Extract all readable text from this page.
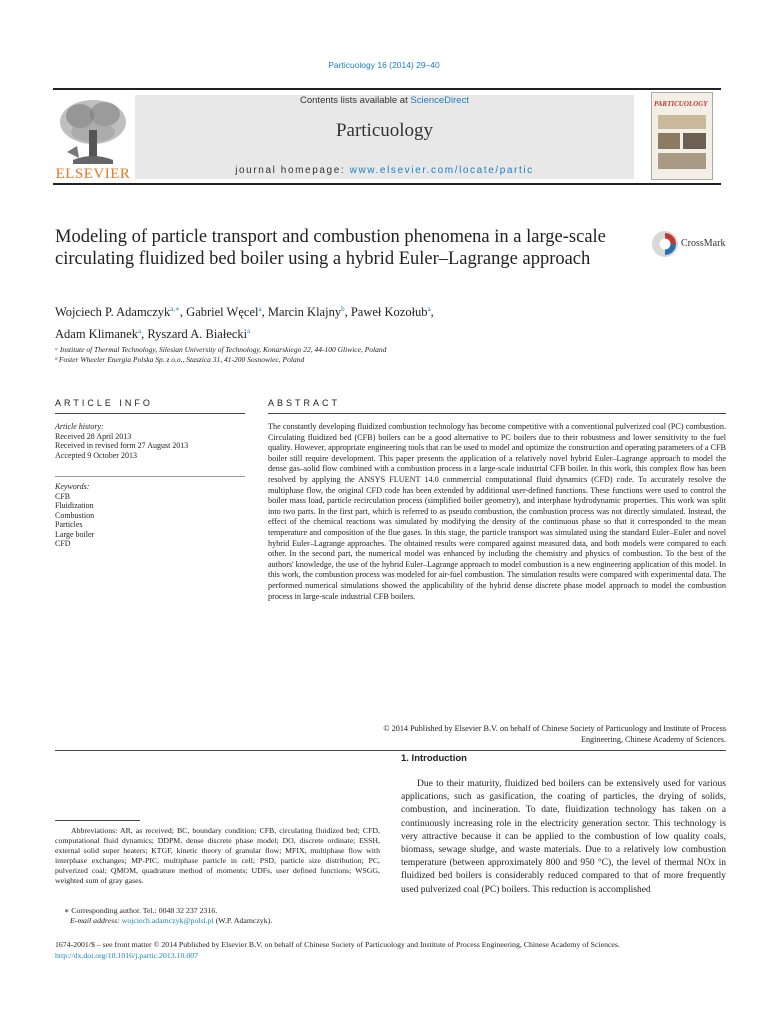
Particuology 16 (2014) 29–40
ELSEVIER
Contents lists available at ScienceDirect
Particuology
journal homepage: www.elsevier.com/locate/partic
PARTICUOLOGY
Modeling of particle transport and combustion phenomena in a large-scale circulating fluidized bed boiler using a hybrid Euler–Lagrange approach
CrossMark
Wojciech P. Adamczyk$^{a,∗}$, Gabriel Węcel$^a$, Marcin Klajny$^b$, Paweł Kozołub$^a$,
Adam Klimanek$^a$, Ryszard A. Białecki$^a$
ᵃ Institute of Thermal Technology, Silesian University of Technology, Konarskiego 22, 44-100 Gliwice, Poland
ᵇ Foster Wheeler Energia Polska Sp. z o.o., Staszica 31, 41-200 Sosnowiec, Poland
ARTICLE INFO
Article history:
Received 28 April 2013
Received in revised form 27 August 2013
Accepted 9 October 2013
Keywords:
CFB
Fluidization
Combustion
Particles
Large boiler
CFD
ABSTRACT
The constantly developing fluidized combustion technology has become competitive with a conventional pulverized coal (PC) combustion. Circulating fluidized bed (CFB) boilers can be a good alternative to PC boilers due to their robustness and lower sensitivity to the fuel quality. However, appropriate engineering tools that can be used to model and optimize the construction and operating parameters of a CFB boiler still require development. This paper presents the application of a relatively novel hybrid Euler–Lagrange approach to model the dense gas–solid flow combined with a combustion process in a large-scale industrial CFB boiler. In this work, this complex flow has been resolved by applying the ANSYS FLUENT 14.0 commercial computational fluid dynamics (CFD) code. To accurately resolve the multiphase flow, the original CFD code has been extended by additional user-defined functions. These functions were used to control the boiler mass load, particle recirculation process (simplified boiler geometry), and interphase hydrodynamic properties. This work was split into two parts. In the first part, which is referred to as pseudo combustion, the combustion process was not directly simulated. Instead, the effect of the chemical reactions was simulated by modifying the density of the continuous phase so that it corresponded to the mean temperature and composition of the flue gases. In this stage, the particle transport was simulated using the standard Euler–Euler and novel hybrid Euler–Lagrange approaches. The obtained results were compared against measured data, and both models were compared to each other. In the second part, the numerical model was enhanced by including the chemistry and physics of combustion. To the best of the authors' knowledge, the use of the hybrid Euler–Lagrange approach to model combustion is a new engineering application of this model. In this work, the combustion process was modeled for air-fuel combustion. The simulation results were compared with experimental data. The performed numerical simulations showed the applicability of the hybrid dense discrete phase model approach to model the combustion process in large-scale industrial CFB boilers.
© 2014 Published by Elsevier B.V. on behalf of Chinese Society of Particuology and Institute of Process
Engineering, Chinese Academy of Sciences.
1. Introduction
Due to their maturity, fluidized bed boilers can be extensively used for various applications, such as gasification, the coating of particles, the drying of solids, combustion, and incineration. To date, fluidization technology has taken on a continuously increasing role in the electricity generation sector. This technology is very attractive because it can be applied to the combustion of low quality coals, biomass, sewage sludge, and waste materials. Due to a relatively low combustion temperature (between approximately 800 and 950 °C), the level of thermal NOx in fluidized bed boilers is considerably reduced compared to that of more frequently used pulverized coal (PC) boilers. This reduction is accomplished
Abbreviations: AR, as received; BC, boundary condition; CFB, circulating fluidized bed; CFD, computational fluid dynamics; DDPM, dense discrete phase model; DO, discrete ordinate; ESSH, external solid super heaters; KTGF, kinetic theory of granular flow; MFIX, multiphase flow with interphase exchanges; MP-PIC, multiphase particle in cell; PSD, particle size distribution; PC, pulverized coal; QMOM, quadrature method of moments; UDFs, user defined functions; WSGG, weighted sum of gray gases.
∗ Corresponding author. Tel.: 0048 32 237 2316.
E-mail address: wojciech.adamczyk@polsl.pl (W.P. Adamczyk).
1674-2001/$ – see front matter © 2014 Published by Elsevier B.V. on behalf of Chinese Society of Particuology and Institute of Process Engineering, Chinese Academy of Sciences.
http://dx.doi.org/10.1016/j.partic.2013.10.007
